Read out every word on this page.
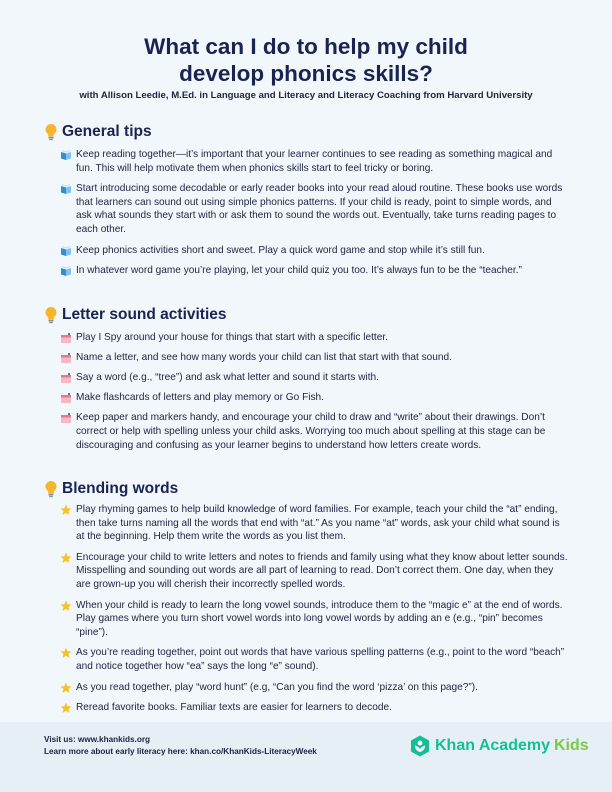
What can I do to help my child
develop phonics skills?
with Allison Leedie, M.Ed. in Language and Literacy and Literacy Coaching from Harvard University
General tips
Keep reading together—it’s important that your learner continues to see reading as something magical and fun. This will help motivate them when phonics skills start to feel tricky or boring.
Start introducing some decodable or early reader books into your read aloud routine. These books use words that learners can sound out using simple phonics patterns. If your child is ready, point to simple words, and ask what sounds they start with or ask them to sound the words out. Eventually, take turns reading pages to each other.
Keep phonics activities short and sweet. Play a quick word game and stop while it’s still fun.
In whatever word game you’re playing, let your child quiz you too. It’s always fun to be the “teacher.”
Letter sound activities
Play I Spy around your house for things that start with a specific letter.
Name a letter, and see how many words your child can list that start with that sound.
Say a word (e.g., “tree”) and ask what letter and sound it starts with.
Make flashcards of letters and play memory or Go Fish.
Keep paper and markers handy, and encourage your child to draw and “write” about their drawings. Don’t correct or help with spelling unless your child asks. Worrying too much about spelling at this stage can be discouraging and confusing as your learner begins to understand how letters create words.
Blending words
Play rhyming games to help build knowledge of word families. For example, teach your child the “at” ending, then take turns naming all the words that end with “at.” As you name “at” words, ask your child what sound is at the beginning. Help them write the words as you list them.
Encourage your child to write letters and notes to friends and family using what they know about letter sounds. Misspelling and sounding out words are all part of learning to read. Don’t correct them. One day, when they are grown-up you will cherish their incorrectly spelled words.
When your child is ready to learn the long vowel sounds, introduce them to the “magic e” at the end of words. Play games where you turn short vowel words into long vowel words by adding an e (e.g., “pin” becomes “pine”).
As you’re reading together, point out words that have various spelling patterns (e.g., point to the word “beach” and notice together how “ea” says the long “e” sound).
As you read together, play “word hunt” (e.g, “Can you find the word ‘pizza’ on this page?”).
Reread favorite books. Familiar texts are easier for learners to decode.
Visit us: www.khankids.org
Learn more about early literacy here: khan.co/KhanKids-LiteracyWeek	Khan Academy Kids
